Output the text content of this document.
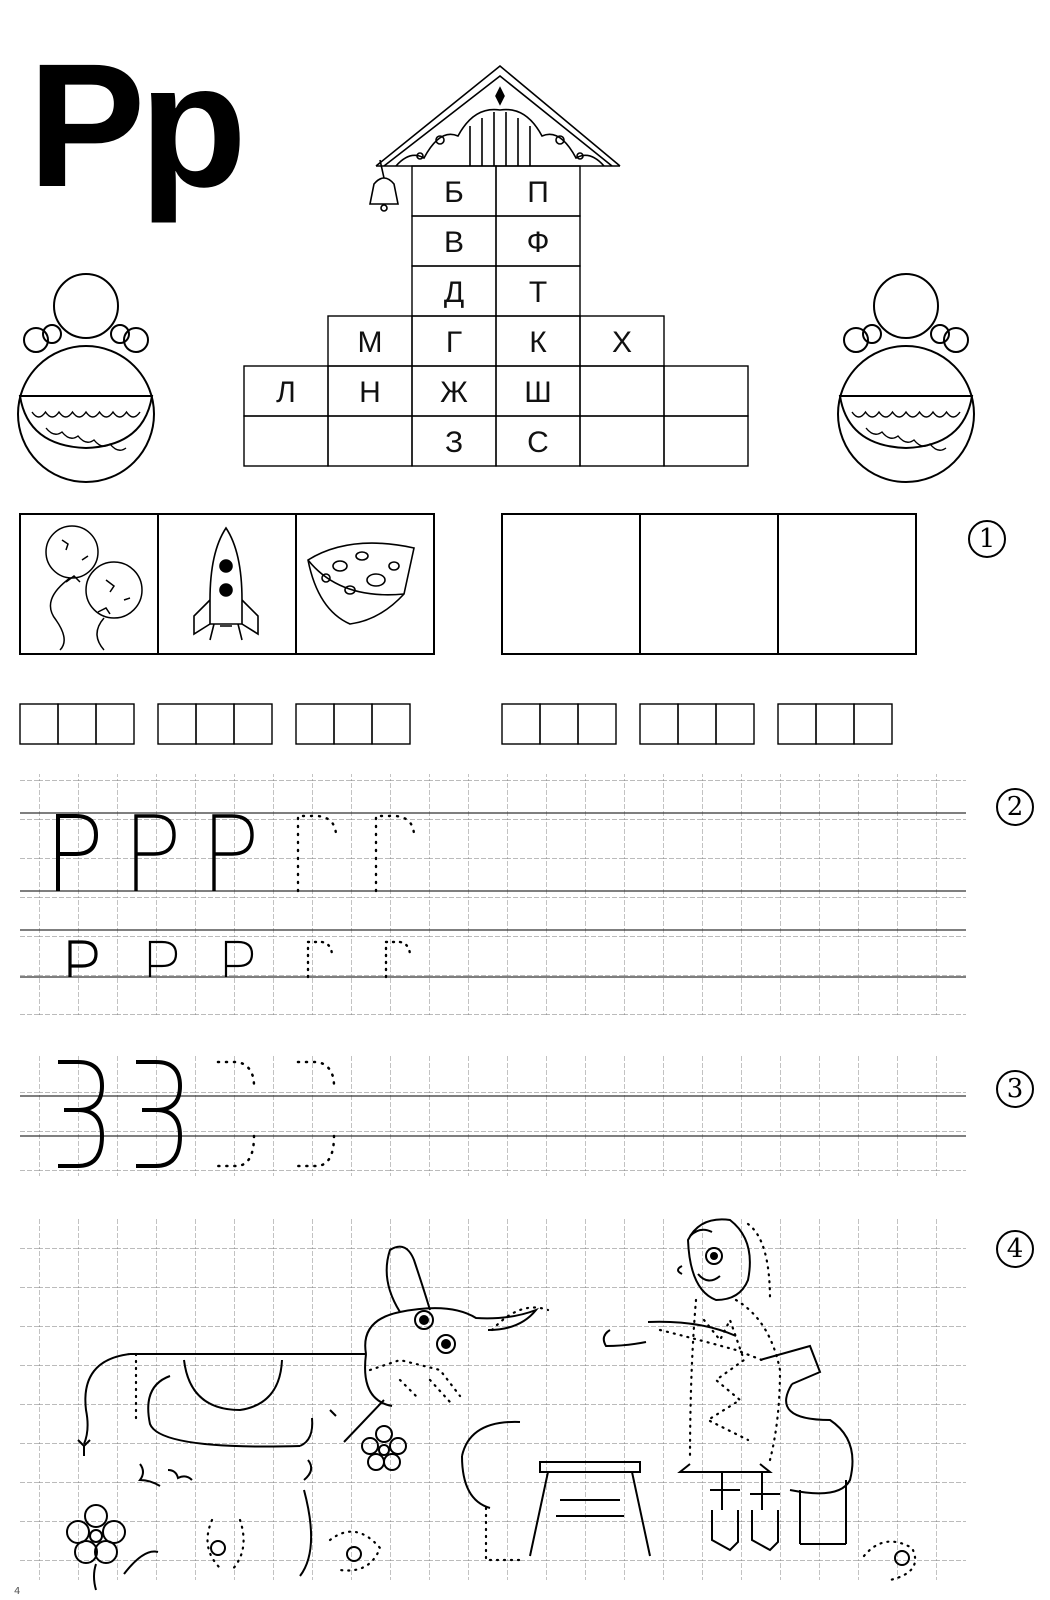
Рр	Б П
В Ф
Д Т
М Г К Х
Л Н Ж Ш
З С
1
2
3
4
4
